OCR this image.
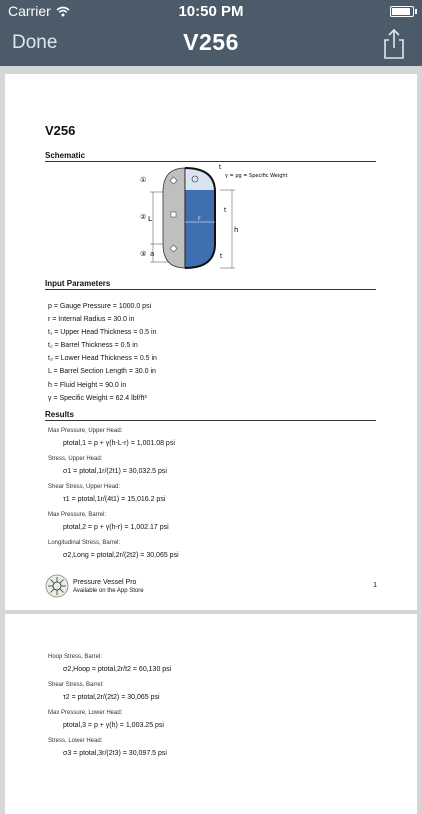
Carrier	10:50 PM
Done	V256
V256
Schematic
①
②
③
L
a
r
h
t
t
t
γ = ρg = Specific Weight
Input Parameters
p = Gauge Pressure = 1000.0 psi
r = Internal Radius = 30.0 in
t₁ = Upper Head Thickness = 0.5 in
t₂ = Barrel Thickness = 0.5 in
t₃ = Lower Head Thickness = 0.5 in
L = Barrel Section Length = 30.0 in
h = Fluid Height = 90.0 in
γ = Specific Weight = 62.4 lbf/ft³
Results
Max Pressure, Upper Head:
ptotal,1 = p + γ(h-L-r) = 1,001.08 psi
Stress, Upper Head:
σ1 = ptotal,1r/(2t1) = 30,032.5 psi
Shear Stress, Upper Head:
τ1 = ptotal,1r/(4t1) = 15,016.2 psi
Max Pressure, Barrel:
ptotal,2 = p + γ(h-r) = 1,002.17 psi
Longitudinal Stress, Barrel:
σ2,Long = ptotal,2r/(2t2) = 30,065 psi
Pressure Vessel Pro
Available on the App Store
1
Hoop Stress, Barrel:
σ2,Hoop = ptotal,2r/t2 = 60,130 psi
Shear Stress, Barrel:
τ2 = ptotal,2r/(2t2) = 30,065 psi
Max Pressure, Lower Head:
ptotal,3 = p + γ(h) = 1,003.25 psi
Stress, Lower Head:
σ3 = ptotal,3r/(2t3) = 30,097.5 psi
